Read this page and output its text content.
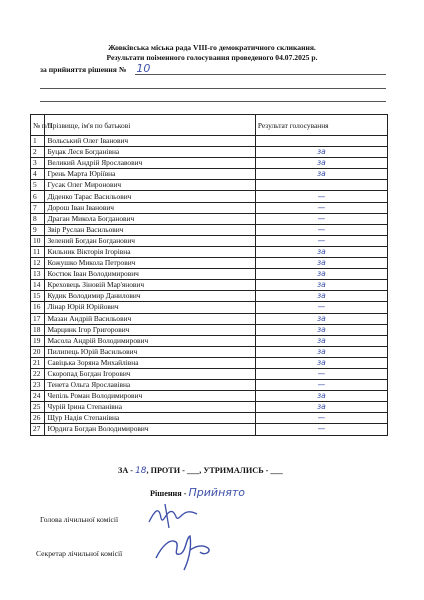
Жовківська міська рада VIII-го демократичного скликання.
Результати поіменного голосування проведеного 04.07.2025 р.
за прийняття рішення № 10
№ п/п	Прізвище, ім'я по батькові	Результат голосування
1	Вольський Олег Іванович	
2	Буцак Леся Богданівна	за
3	Великий Андрій Ярославович	за
4	Грень Марта Юріївна	за
5	Гусак Олег Миронович	
6	Діденко Тарас Васильович	—
7	Дорош Іван Іванович	—
8	Драган Микола Богданович	—
9	Звір Руслан Васильович	—
10	Зелений Богдан Богданович	—
11	Кильник Вікторія Ігорівна	за
12	Кожушко Микола Петрович	за
13	Костюк Іван Володимирович	за
14	Креховець Зіновій Мар'янович	за
15	Кудик Володимир Данилович	за
16	Лінар Юрій Юрійович	—
17	Мазан Андрій Васильович	за
18	Марцинк Ігор Григорович	за
19	Масола Андрій Володимирович	за
20	Пилипець Юрій Васильович	за
21	Савіцька Зоряна Михайлівна	за
22	Скоропад Богдан Ігорович	—
23	Тенета Ольга Ярославівна	—
24	Чепіль Роман Володимирович	за
25	Чурій Ірина Степанівна	за
26	Щур Надія Степанівна	—
27	Юрдига Богдан Володимирович	—
ЗА - 18, ПРОТИ - ___, УТРИМАЛИСЬ - ___
Рішення - Прийнято
Голова лічильної комісії
Секретар лічильної комісії
